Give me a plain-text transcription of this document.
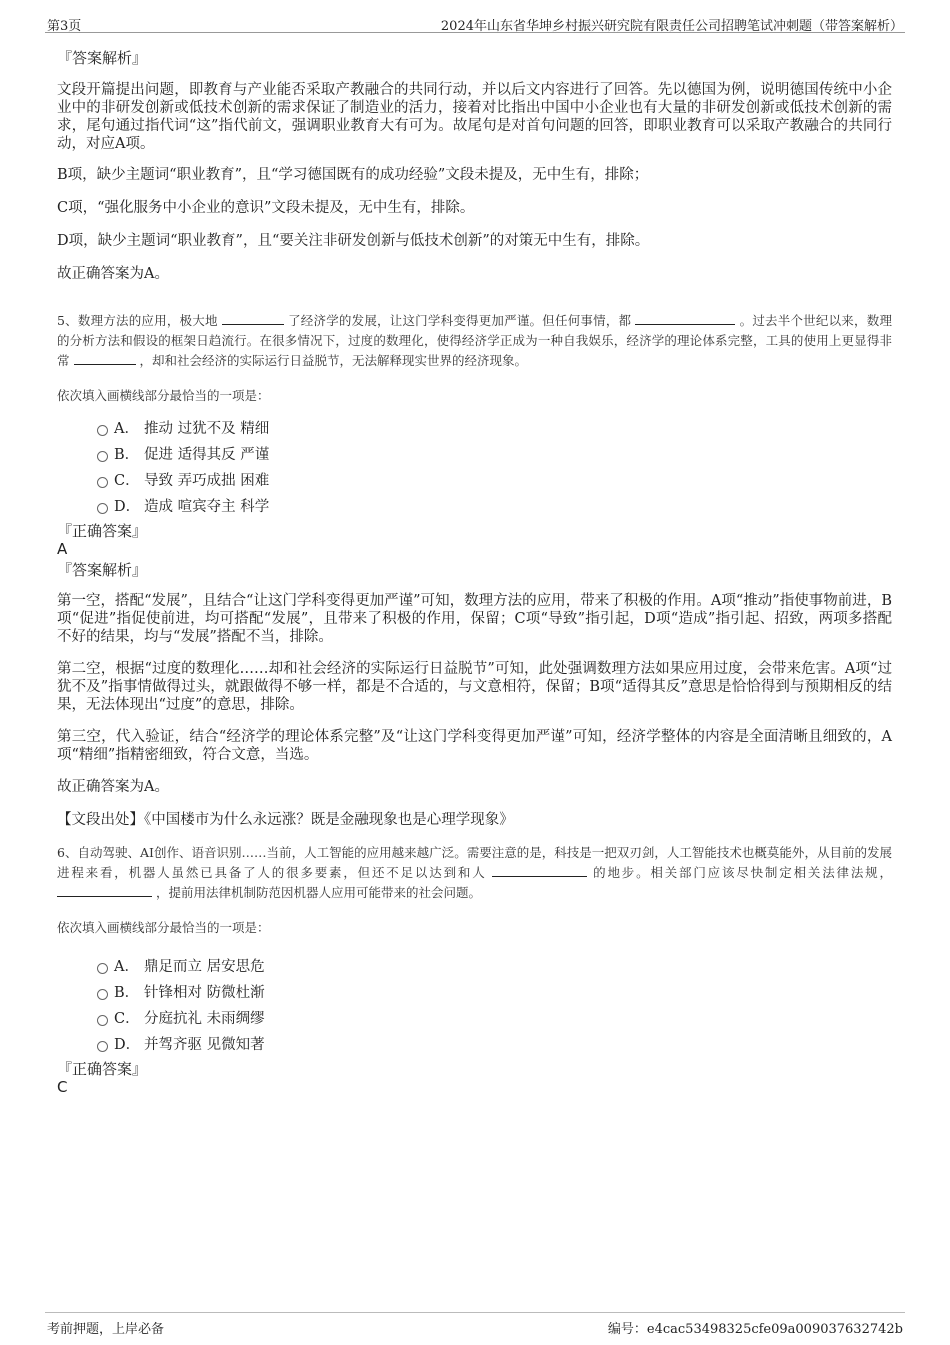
第3页	2024年山东省华坤乡村振兴研究院有限责任公司招聘笔试冲刺题（带答案解析）

『答案解析』

文段开篇提出问题，即教育与产业能否采取产教融合的共同行动，并以后文内容进行了回答。先以德国为例，说明德国传统中小企业中的非研发创新或低技术创新的需求保证了制造业的活力，接着对比指出中国中小企业也有大量的非研发创新或低技术创新的需求，尾句通过指代词“这”指代前文，强调职业教育大有可为。故尾句是对首句问题的回答，即职业教育可以采取产教融合的共同行动，对应A项。

B项，缺少主题词“职业教育”，且“学习德国既有的成功经验”文段未提及，无中生有，排除；

C项，“强化服务中小企业的意识”文段未提及，无中生有，排除。

D项，缺少主题词“职业教育”，且“要关注非研发创新与低技术创新”的对策无中生有，排除。

故正确答案为A。

5、数理方法的应用，极大地	了经济学的发展，让这门学科变得更加严谨。但任何事情，都	。过去半个世纪以来，数理的分析方法和假设的框架日趋流行。在很多情况下，过度的数理化，使得经济学正成为一种自我娱乐，经济学的理论体系完整，工具的使用上更显得非常	，却和社会经济的实际运行日益脱节，无法解释现实世界的经济现象。

依次填入画横线部分最恰当的一项是：

A． 推动 过犹不及 精细
B． 促进 适得其反 严谨
C． 导致 弄巧成拙 困难
D． 造成 喧宾夺主 科学

『正确答案』

A

『答案解析』

第一空，搭配“发展”，且结合“让这门学科变得更加严谨”可知，数理方法的应用，带来了积极的作用。A项“推动”指使事物前进，B项“促进”指促使前进，均可搭配“发展”，且带来了积极的作用，保留；C项“导致”指引起，D项“造成”指引起、招致，两项多搭配不好的结果，均与“发展”搭配不当，排除。

第二空，根据“过度的数理化……却和社会经济的实际运行日益脱节”可知，此处强调数理方法如果应用过度，会带来危害。A项“过犹不及”指事情做得过头，就跟做得不够一样，都是不合适的，与文意相符，保留；B项“适得其反”意思是恰恰得到与预期相反的结果，无法体现出“过度”的意思，排除。

第三空，代入验证，结合“经济学的理论体系完整”及“让这门学科变得更加严谨”可知，经济学整体的内容是全面清晰且细致的，A项“精细”指精密细致，符合文意，当选。

故正确答案为A。

【文段出处】《中国楼市为什么永远涨？既是金融现象也是心理学现象》

6、自动驾驶、AI创作、语音识别……当前，人工智能的应用越来越广泛。需要注意的是，科技是一把双刃剑，人工智能技术也概莫能外，从目前的发展进程来看，机器人虽然已具备了人的很多要素，但还不足以达到和人	的地步。相关部门应该尽快制定相关法律法规，  ，提前用法律机制防范因机器人应用可能带来的社会问题。

依次填入画横线部分最恰当的一项是：

A． 鼎足而立 居安思危
B． 针锋相对 防微杜渐
C． 分庭抗礼 未雨绸缪
D． 并驾齐驱 见微知著

『正确答案』

C

考前押题，上岸必备	编号：e4cac53498325cfe09a009037632742b
